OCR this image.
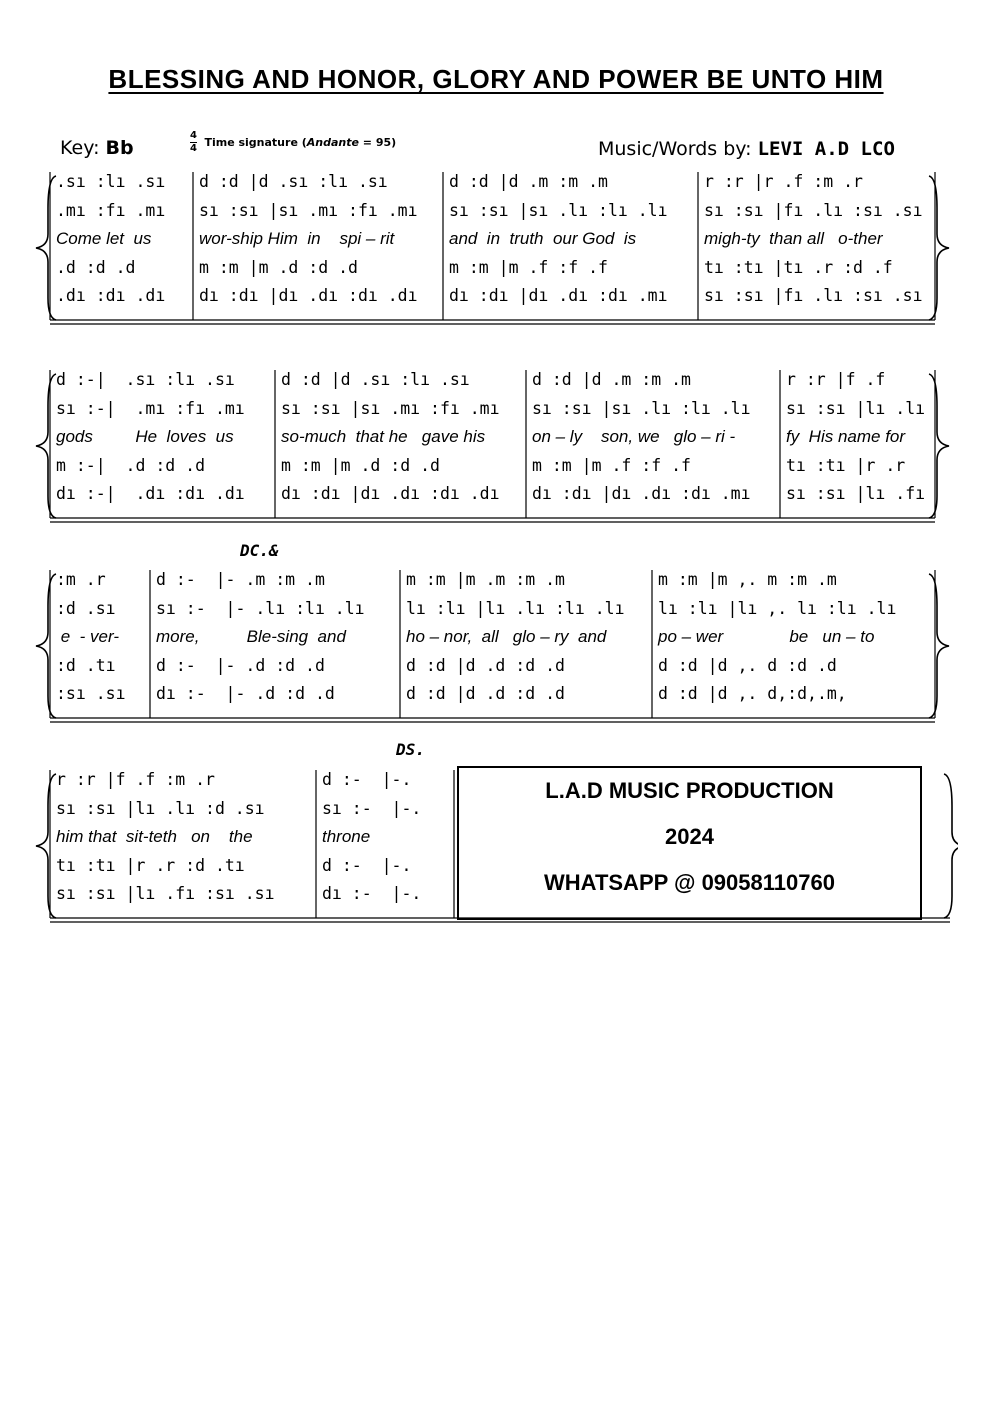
BLESSING AND HONOR, GLORY AND POWER BE UNTO HIM
Key: Bb	$\frac{4}{4}$ Time signature (Andante = 95)	Music/Words by: LEVI A.D LCO
DC.&
DS.
.sı :lı .sı
.mı :fı .mı
Come let  us
.d :d .d
.dı :dı .dı
d :d |d .sı :lı .sı
sı :sı |sı .mı :fı .mı
wor-ship Him  in    spi – rit
m :m |m .d :d .d
dı :dı |dı .dı :dı .dı
d :d |d .m :m .m
sı :sı |sı .lı :lı .lı
and  in  truth  our God  is
m :m |m .f :f .f
dı :dı |dı .dı :dı .mı
r :r |r .f :m .r
sı :sı |fı .lı :sı .sı
migh-ty  than all   o-ther
tı :tı |tı .r :d .f
sı :sı |fı .lı :sı .sı
d :-|  .sı :lı .sı
sı :-|  .mı :fı .mı
gods         He  loves  us
m :-|  .d :d .d
dı :-|  .dı :dı .dı
d :d |d .sı :lı .sı
sı :sı |sı .mı :fı .mı
so-much  that he   gave his
m :m |m .d :d .d
dı :dı |dı .dı :dı .dı
d :d |d .m :m .m
sı :sı |sı .lı :lı .lı
on – ly    son, we   glo – ri -
m :m |m .f :f .f
dı :dı |dı .dı :dı .mı
r :r |f .f
sı :sı |lı .lı
fy  His name for
tı :tı |r .r
sı :sı |lı .fı
:m .r
:d .sı
e  - ver-
:d .tı
:sı .sı
d :-  |- .m :m .m
sı :-  |- .lı :lı .lı
more,          Ble-sing  and
d :-  |- .d :d .d
dı :-  |- .d :d .d
m :m |m .m :m .m
lı :lı |lı .lı :lı .lı
ho – nor,  all   glo – ry  and
d :d |d .d :d .d
d :d |d .d :d .d
m :m |m ,. m :m .m
lı :lı |lı ,. lı :lı .lı
po – wer              be   un – to
d :d |d ,. d :d .d
d :d |d ,. d,:d,.m,
r :r |f .f :m .r
sı :sı |lı .lı :d .sı
him that  sit-teth   on    the
tı :tı |r .r :d .tı
sı :sı |lı .fı :sı .sı
d :-  |-.
sı :-  |-.
throne
d :-  |-.
dı :-  |-.
L.A.D MUSIC PRODUCTION
2024
WHATSAPP @ 09058110760
